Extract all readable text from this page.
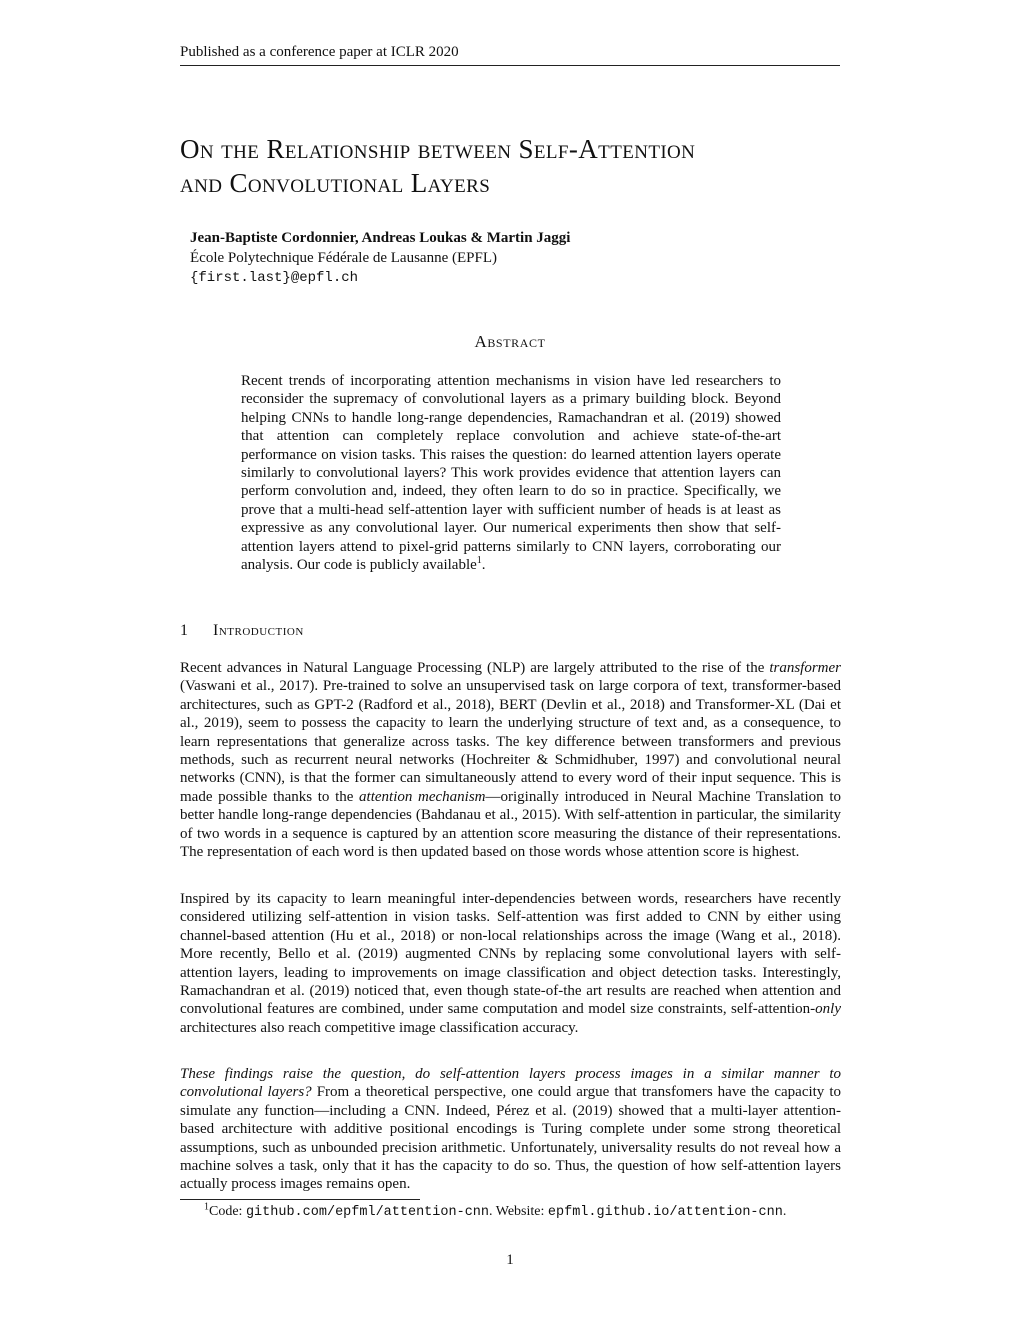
Published as a conference paper at ICLR 2020
On the Relationship between Self-Attention
and Convolutional Layers
Jean-Baptiste Cordonnier, Andreas Loukas & Martin Jaggi
École Polytechnique Fédérale de Lausanne (EPFL)
{first.last}@epfl.ch
Abstract

Recent trends of incorporating attention mechanisms in vision have led researchers to reconsider the supremacy of convolutional layers as a primary building block. Beyond helping CNNs to handle long-range dependencies, Ramachandran et al. (2019) showed that attention can completely replace convolution and achieve state-of-the-art performance on vision tasks. This raises the question: do learned attention layers operate similarly to convolutional layers? This work provides evidence that attention layers can perform convolution and, indeed, they often learn to do so in practice. Specifically, we prove that a multi-head self-attention layer with sufficient number of heads is at least as expressive as any convolutional layer. Our numerical experiments then show that self-attention layers attend to pixel-grid patterns similarly to CNN layers, corroborating our analysis. Our code is publicly available$^1$.

1 Introduction

Recent advances in Natural Language Processing (NLP) are largely attributed to the rise of the transformer (Vaswani et al., 2017). Pre-trained to solve an unsupervised task on large corpora of text, transformer-based architectures, such as GPT-2 (Radford et al., 2018), BERT (Devlin et al., 2018) and Transformer-XL (Dai et al., 2019), seem to possess the capacity to learn the underlying structure of text and, as a consequence, to learn representations that generalize across tasks. The key difference between transformers and previous methods, such as recurrent neural networks (Hochreiter & Schmidhuber, 1997) and convolutional neural networks (CNN), is that the former can simultaneously attend to every word of their input sequence. This is made possible thanks to the attention mechanism—originally introduced in Neural Machine Translation to better handle long-range dependencies (Bahdanau et al., 2015). With self-attention in particular, the similarity of two words in a sequence is captured by an attention score measuring the distance of their representations. The representation of each word is then updated based on those words whose attention score is highest.

Inspired by its capacity to learn meaningful inter-dependencies between words, researchers have recently considered utilizing self-attention in vision tasks. Self-attention was first added to CNN by either using channel-based attention (Hu et al., 2018) or non-local relationships across the image (Wang et al., 2018). More recently, Bello et al. (2019) augmented CNNs by replacing some convolutional layers with self-attention layers, leading to improvements on image classification and object detection tasks. Interestingly, Ramachandran et al. (2019) noticed that, even though state-of-the art results are reached when attention and convolutional features are combined, under same computation and model size constraints, self-attention-only architectures also reach competitive image classification accuracy.

These findings raise the question, do self-attention layers process images in a similar manner to convolutional layers? From a theoretical perspective, one could argue that transfomers have the capacity to simulate any function—including a CNN. Indeed, Pérez et al. (2019) showed that a multi-layer attention-based architecture with additive positional encodings is Turing complete under some strong theoretical assumptions, such as unbounded precision arithmetic. Unfortunately, universality results do not reveal how a machine solves a task, only that it has the capacity to do so. Thus, the question of how self-attention layers actually process images remains open.

$^1$Code: github.com/epfml/attention-cnn. Website: epfml.github.io/attention-cnn.
1
